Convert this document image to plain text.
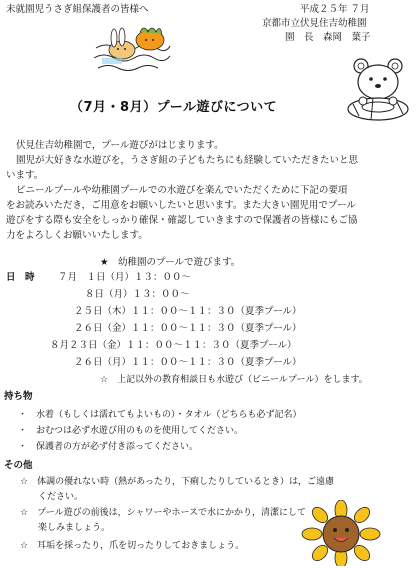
未就園児うさぎ組保護者の皆様へ	平成２５年 ７月
京都市立伏見住吉幼稚園
園　長　森岡　葉子
（7月・8月）プール遊びについて
伏見住吉幼稚園で，プール遊びがはじまります。
園児が大好きな水遊びを，うさぎ組の子どもたちにも経験していただきたいと思
います。
ビニールプールや幼稚園プールでの水遊びを楽んでいただくために下記の要項
をお読みいただき，ご用意をお願いしたいと思います。また大きい園児用でプール
遊びをする際も安全をしっかり確保・確認していきますので保護者の皆様にもご協
力をよろしくお願いいたします。
★　幼稚園のプールで遊びます。
日　時 ７月　１日（月）１３：００～
８日（月）１３：００～
２５日（木）１１：００～１１：３０（夏季プール）
２６日（金）１１：００～１１：３０（夏季プール）
８月２３日（金）１１：００～１１：３０（夏季プール）
２６日（月）１１：００～１１：３０（夏季プール）
☆　上記以外の教育相談日も水遊び（ビニールプール）をします。
持ち物
・　水着（もしくは濡れてもよいもの）・タオル（どちらも必ず記名）
・　おむつは必ず水遊び用のものを使用してください。
・　保護者の方が必ず付き添ってください。
その他
☆　体調の優れない時（熱があったり，下痢したりしているとき）は，ご遠慮
　　ください。
☆　プール遊びの前後は，シャワーやホースで水にかかり，清潔にして
　　楽しみましょう。
☆　耳垢を採ったり，爪を切ったりしておきましょう。
